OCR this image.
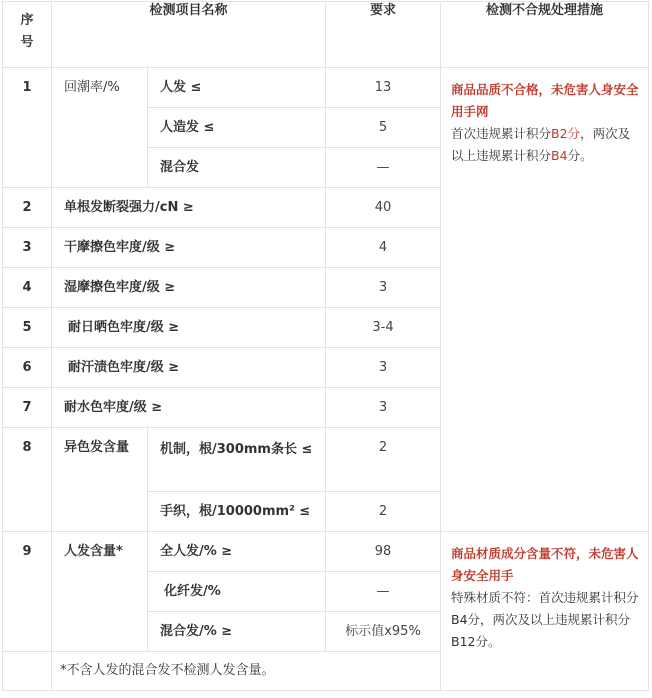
序
号	检测项目名称		要求	检测不合规处理措施
1	回潮率/%	人发 ≤	13	商品品质不合格，未危害人身安全用手网
首次违规累计积分B2分，两次及以上违规累计积分B4分。
		人造发 ≤	5	
		混合发	—	
2	单根发断裂强力/cN ≥		40	
3	干摩擦色牢度/级 ≥		4	
4	湿摩擦色牢度/级 ≥		3	
5	耐日晒色牢度/级 ≥		3-4	
6	耐汗渍色牢度/级 ≥		3	
7	耐水色牢度/级 ≥		3	
8	异色发含量	机制，根/300mm条长 ≤	2	
		手织，根/10000mm² ≤	2	
9	人发含量*	全人发/% ≥	98	商品材质成分含量不符，未危害人身安全用手
特殊材质不符：首次违规累计积分B4分，两次及以上违规累计积分B12分。
		化纤发/%	—	
		混合发/% ≥	标示值x95%	
	*不含人发的混合发不检测人发含量。			
